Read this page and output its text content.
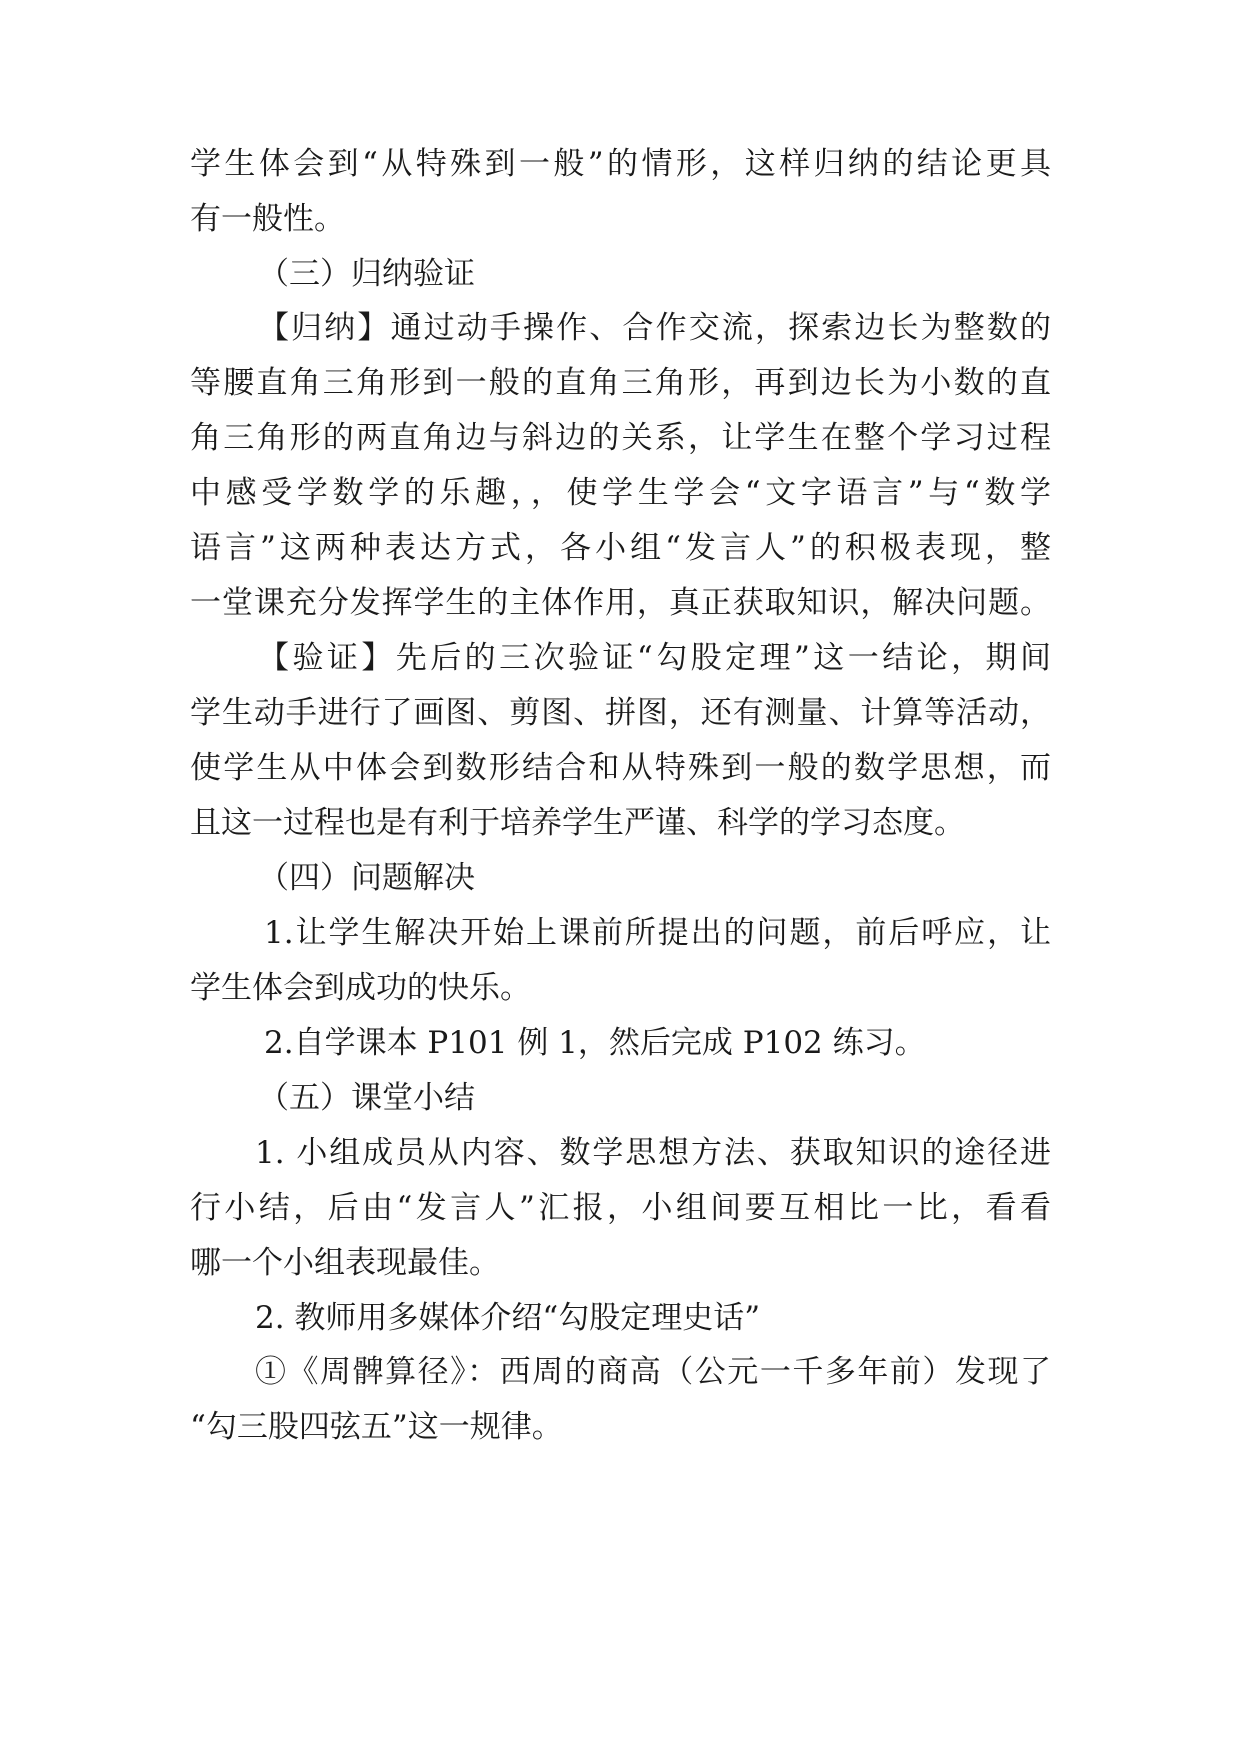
学生体会到“从特殊到一般”的情形，这样归纳的结论更具
有一般性。
（三）归纳验证
【归纳】通过动手操作、合作交流，探索边长为整数的
等腰直角三角形到一般的直角三角形，再到边长为小数的直
角三角形的两直角边与斜边的关系，让学生在整个学习过程
中感受学数学的乐趣，，使学生学会“文字语言”与“数学
语言”这两种表达方式，各小组“发言人”的积极表现，整
一堂课充分发挥学生的主体作用，真正获取知识，解决问题。
【验证】先后的三次验证“勾股定理”这一结论，期间
学生动手进行了画图、剪图、拼图，还有测量、计算等活动，
使学生从中体会到数形结合和从特殊到一般的数学思想，而
且这一过程也是有利于培养学生严谨、科学的学习态度。
（四）问题解决
1.让学生解决开始上课前所提出的问题，前后呼应，让
学生体会到成功的快乐。
2.自学课本 P101 例 1，然后完成 P102 练习。
（五）课堂小结
1. 小组成员从内容、数学思想方法、获取知识的途径进
行小结，后由“发言人”汇报，小组间要互相比一比，看看
哪一个小组表现最佳。
2. 教师用多媒体介绍“勾股定理史话”
①《周髀算径》：西周的商高（公元一千多年前）发现了
“勾三股四弦五”这一规律。
